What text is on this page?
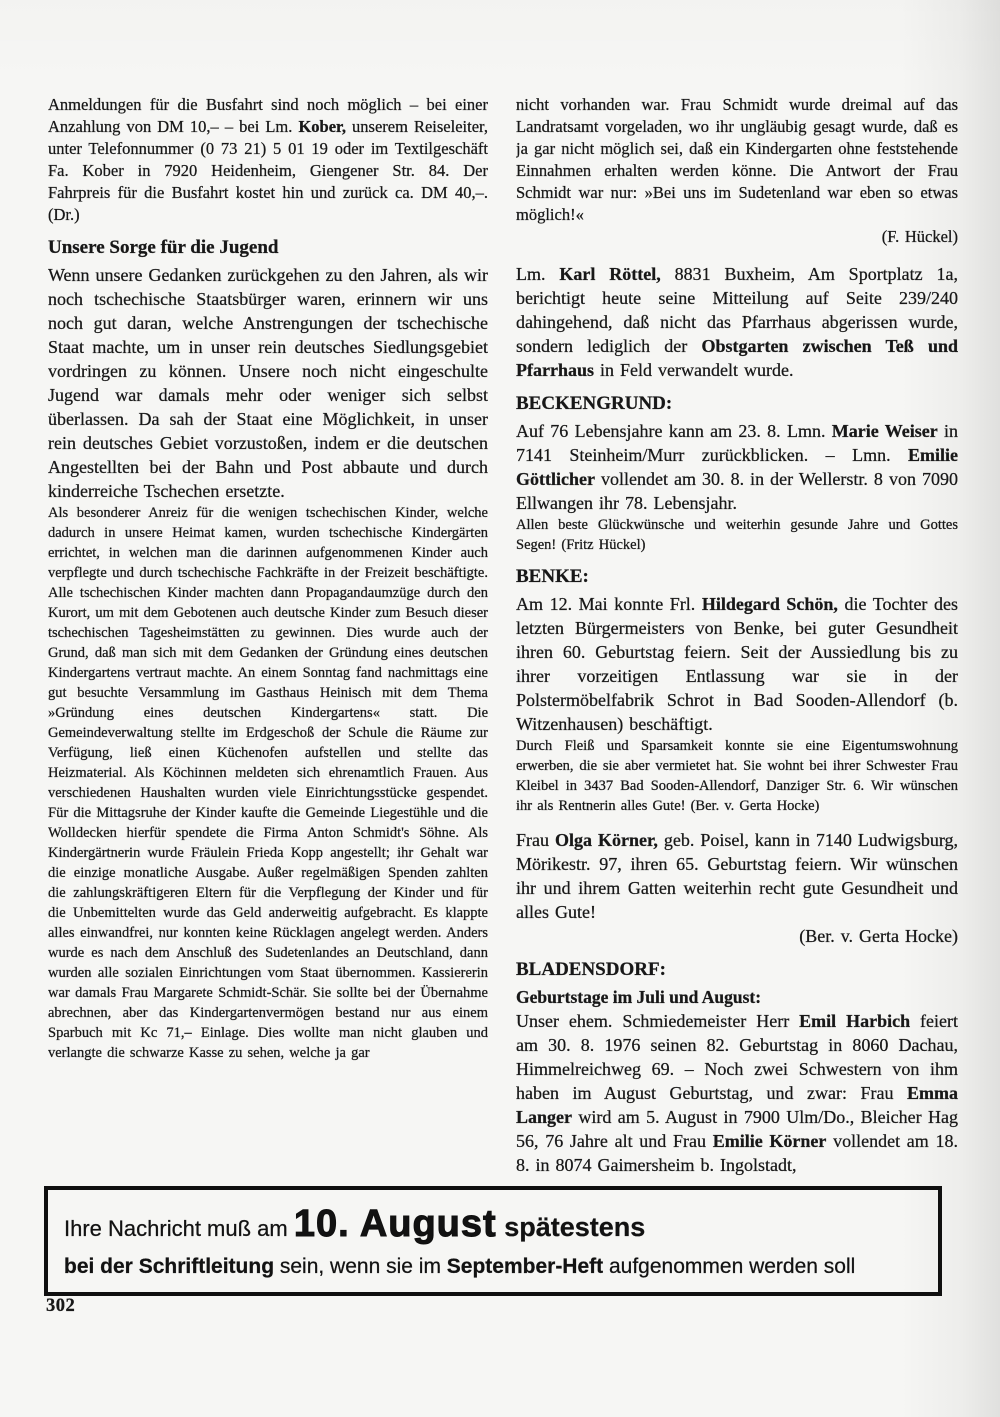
Anmeldungen für die Busfahrt sind noch möglich – bei einer Anzahlung von DM 10,– – bei Lm. Kober, unserem Reiseleiter, unter Telefonnummer (0 73 21) 5 01 19 oder im Textilgeschäft Fa. Kober in 7920 Heidenheim, Giengener Str. 84. Der Fahrpreis für die Busfahrt kostet hin und zurück ca. DM 40,–. (Dr.)
Unsere Sorge für die Jugend
Wenn unsere Gedanken zurückgehen zu den Jahren, als wir noch tschechische Staatsbürger waren, erinnern wir uns noch gut daran, welche Anstrengungen der tschechische Staat machte, um in unser rein deutsches Siedlungsgebiet vordringen zu können. Unsere noch nicht eingeschulte Jugend war damals mehr oder weniger sich selbst überlassen. Da sah der Staat eine Möglichkeit, in unser rein deutsches Gebiet vorzustoßen, indem er die deutschen Angestellten bei der Bahn und Post abbaute und durch kinderreiche Tschechen ersetzte.
Als besonderer Anreiz für die wenigen tschechischen Kinder, welche dadurch in unsere Heimat kamen, wurden tschechische Kindergärten errichtet, in welchen man die darinnen aufgenommenen Kinder auch verpflegte und durch tschechische Fachkräfte in der Freizeit beschäftigte. Alle tschechischen Kinder machten dann Propagandaumzüge durch den Kurort, um mit dem Gebotenen auch deutsche Kinder zum Besuch dieser tschechischen Tagesheimstätten zu gewinnen. Dies wurde auch der Grund, daß man sich mit dem Gedanken der Gründung eines deutschen Kindergartens vertraut machte. An einem Sonntag fand nachmittags eine gut besuchte Versammlung im Gasthaus Heinisch mit dem Thema »Gründung eines deutschen Kindergartens« statt. Die Gemeindeverwaltung stellte im Erdgeschoß der Schule die Räume zur Verfügung, ließ einen Küchenofen aufstellen und stellte das Heizmaterial. Als Köchinnen meldeten sich ehrenamtlich Frauen. Aus verschiedenen Haushalten wurden viele Einrichtungsstücke gespendet. Für die Mittagsruhe der Kinder kaufte die Gemeinde Liegestühle und die Wolldecken hierfür spendete die Firma Anton Schmidt's Söhne. Als Kindergärtnerin wurde Fräulein Frieda Kopp angestellt; ihr Gehalt war die einzige monatliche Ausgabe. Außer regelmäßigen Spenden zahlten die zahlungskräftigeren Eltern für die Verpflegung der Kinder und für die Unbemittelten wurde das Geld anderweitig aufgebracht. Es klappte alles einwandfrei, nur konnten keine Rücklagen angelegt werden. Anders wurde es nach dem Anschluß des Sudetenlandes an Deutschland, dann wurden alle sozialen Einrichtungen vom Staat übernommen. Kassiererin war damals Frau Margarete Schmidt-Schär. Sie sollte bei der Übernahme abrechnen, aber das Kindergartenvermögen bestand nur aus einem Sparbuch mit Kc 71,– Einlage. Dies wollte man nicht glauben und verlangte die schwarze Kasse zu sehen, welche ja gar
nicht vorhanden war. Frau Schmidt wurde dreimal auf das Landratsamt vorgeladen, wo ihr ungläubig gesagt wurde, daß es ja gar nicht möglich sei, daß ein Kindergarten ohne feststehende Einnahmen erhalten werden könne. Die Antwort der Frau Schmidt war nur: »Bei uns im Sudetenland war eben so etwas möglich!«
(F. Hückel)
Lm. Karl Röttel, 8831 Buxheim, Am Sportplatz 1a, berichtigt heute seine Mitteilung auf Seite 239/240 dahingehend, daß nicht das Pfarrhaus abgerissen wurde, sondern lediglich der Obstgarten zwischen Teß und Pfarrhaus in Feld verwandelt wurde.
BECKENGRUND:
Auf 76 Lebensjahre kann am 23. 8. Lmn. Marie Weiser in 7141 Steinheim/Murr zurückblicken. – Lmn. Emilie Göttlicher vollendet am 30. 8. in der Wellerstr. 8 von 7090 Ellwangen ihr 78. Lebensjahr.
Allen beste Glückwünsche und weiterhin gesunde Jahre und Gottes Segen! (Fritz Hückel)
BENKE:
Am 12. Mai konnte Frl. Hildegard Schön, die Tochter des letzten Bürgermeisters von Benke, bei guter Gesundheit ihren 60. Geburtstag feiern. Seit der Aussiedlung bis zu ihrer vorzeitigen Entlassung war sie in der Polstermöbelfabrik Schrot in Bad Sooden-Allendorf (b. Witzenhausen) beschäftigt.
Durch Fleiß und Sparsamkeit konnte sie eine Eigentumswohnung erwerben, die sie aber vermietet hat. Sie wohnt bei ihrer Schwester Frau Kleibel in 3437 Bad Sooden-Allendorf, Danziger Str. 6. Wir wünschen ihr als Rentnerin alles Gute! (Ber. v. Gerta Hocke)
Frau Olga Körner, geb. Poisel, kann in 7140 Ludwigsburg, Mörikestr. 97, ihren 65. Geburtstag feiern. Wir wünschen ihr und ihrem Gatten weiterhin recht gute Gesundheit und alles Gute!
(Ber. v. Gerta Hocke)
BLADENSDORF:
Geburtstage im Juli und August:
Unser ehem. Schmiedemeister Herr Emil Harbich feiert am 30. 8. 1976 seinen 82. Geburtstag in 8060 Dachau, Himmelreichweg 69. – Noch zwei Schwestern von ihm haben im August Geburtstag, und zwar: Frau Emma Langer wird am 5. August in 7900 Ulm/Do., Bleicher Hag 56, 76 Jahre alt und Frau Emilie Körner vollendet am 18. 8. in 8074 Gaimersheim b. Ingolstadt,
Ihre Nachricht muß am 10. August spätestens
bei der Schriftleitung sein, wenn sie im September-Heft aufgenommen werden soll
302
